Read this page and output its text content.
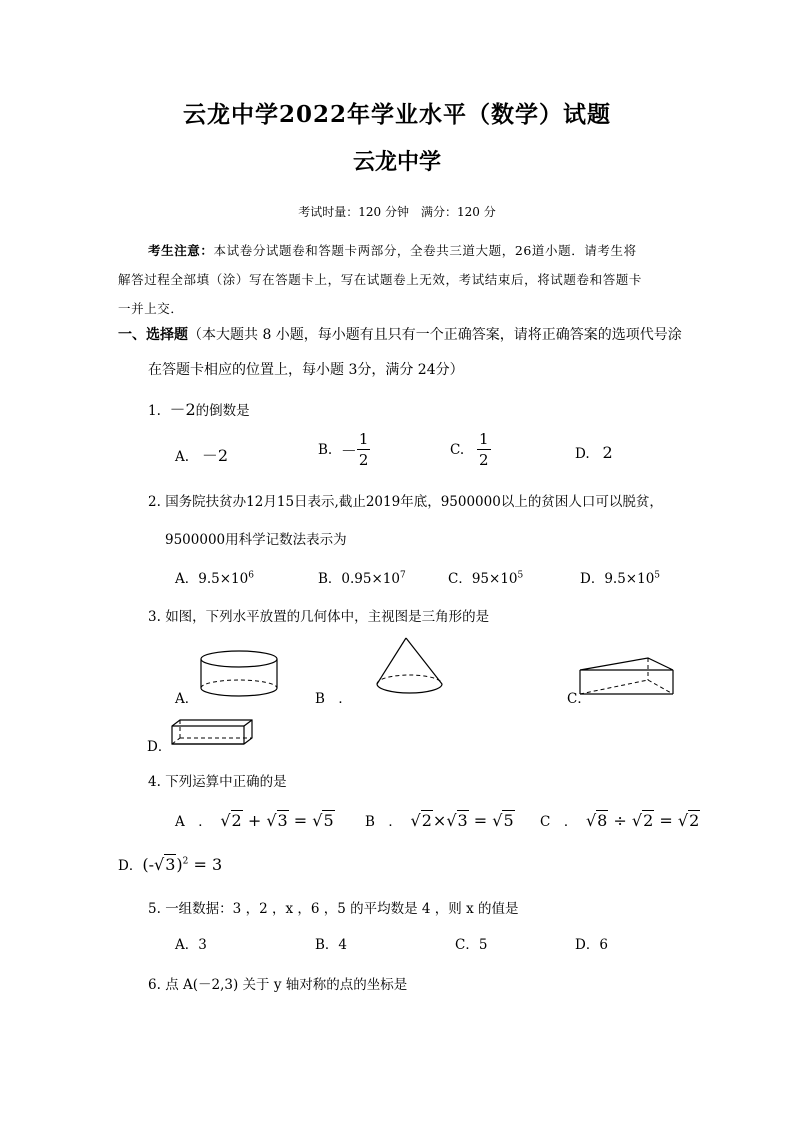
云龙中学2022年学业水平（数学）试题
云龙中学
考试时量：120 分钟　满分：120 分
考生注意：本试卷分试题卷和答题卡两部分，全卷共三道大题，26道小题．请考生将
解答过程全部填（涂）写在答题卡上，写在试题卷上无效，考试结束后，将试题卷和答题卡
一并上交．
一、选择题（本大题共 8 小题，每小题有且只有一个正确答案，请将正确答案的选项代号涂
在答题卡相应的位置上，每小题 3分，满分 24分）
1. －2的倒数是
A. －2	B. － $\frac{1}{2}$	C. $\frac{1}{2}$	D. 2
2. 国务院扶贫办12月15日表示,截止2019年底，9500000以上的贫困人口可以脱贫，
9500000用科学记数法表示为
A．$9.5\times 10^6$	B．$0.95\times 10^7$	C．$95\times 10^5$	D．$9.5\times 10^5$
3. 如图，下列水平放置的几何体中，主视图是三角形的是
A．	B　．	C．
D．
4. 下列运算中正确的是
A　． √2 + √3 = √5 B　． √2×√3 = √5 C　． √8 ÷ √2 = √2
D．$(-√3)^2 = 3$
5. 一组数据：3 ，2 ，x ，6 ，5 的平均数是 4 ，则 x 的值是
A．3	B．4	C．5	D．6
6. 点 A(－2,3) 关于 y 轴对称的点的坐标是
